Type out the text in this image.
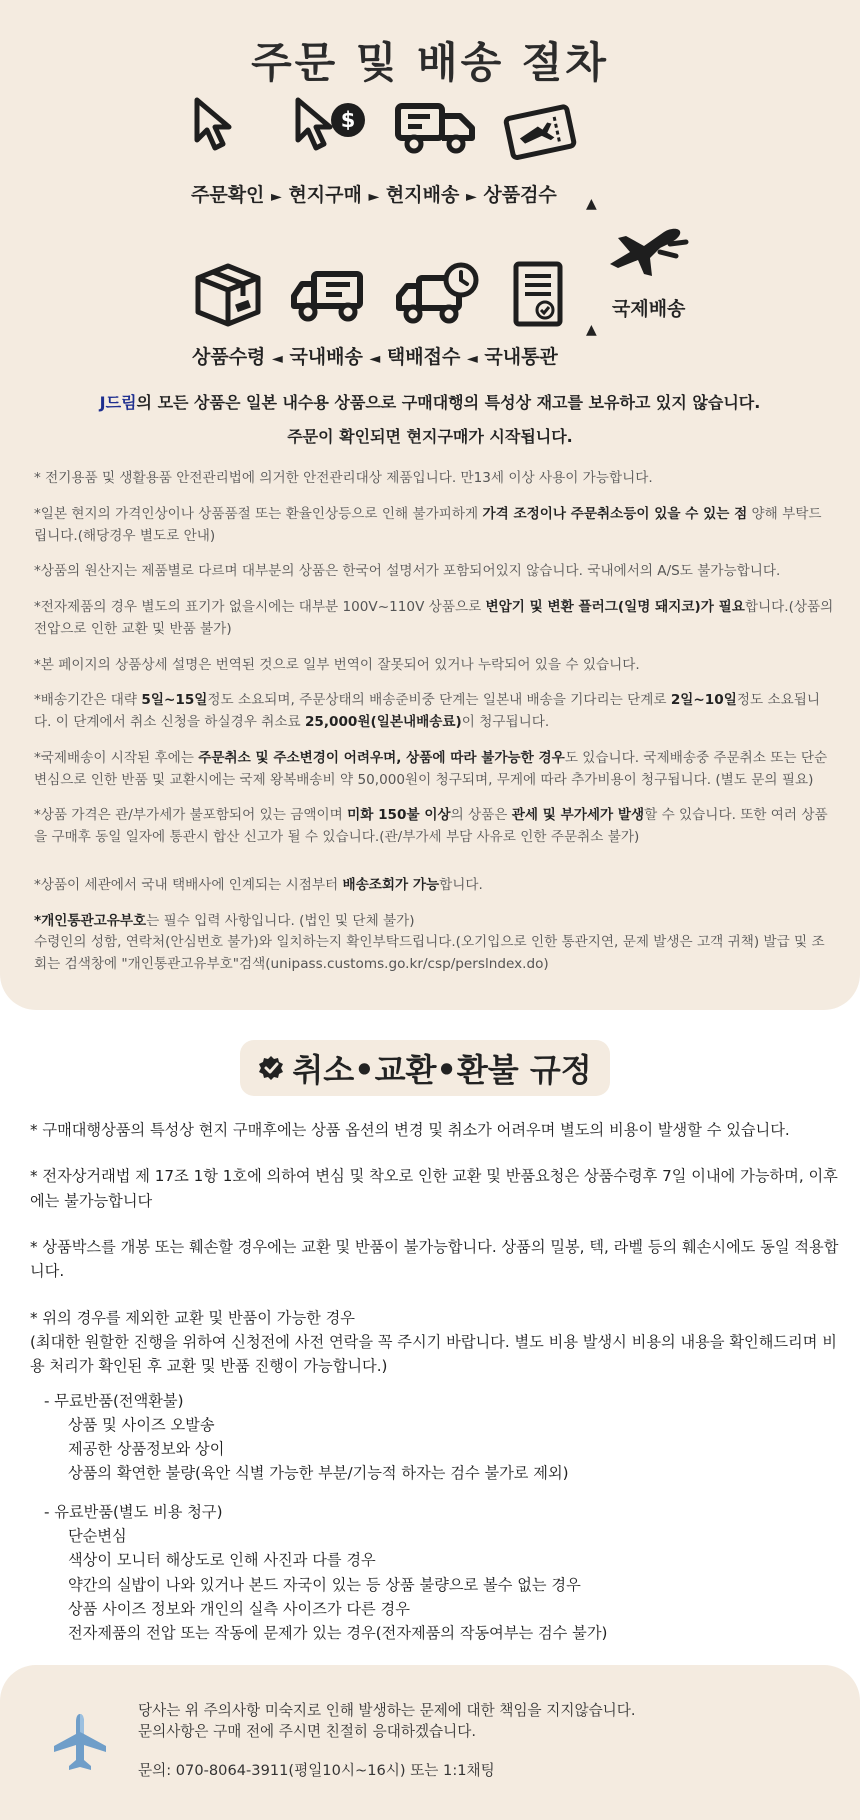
주문 및 배송 절차
$
주문확인 ► 현지구매 ► 현지배송 ► 상품검수 ▲
국제배송
▲
상품수령 ◄ 국내배송 ◄ 택배접수 ◄ 국내통관
J드림의 모든 상품은 일본 내수용 상품으로 구매대행의 특성상 재고를 보유하고 있지 않습니다.
주문이 확인되면 현지구매가 시작됩니다.
* 전기용품 및 생활용품 안전관리법에 의거한 안전관리대상 제품입니다. 만13세 이상 사용이 가능합니다.
*일본 현지의 가격인상이나 상품품절 또는 환율인상등으로 인해 불가피하게 가격 조정이나 주문취소등이 있을 수 있는 점 양해 부탁드립니다.(해당경우 별도로 안내)
*상품의 원산지는 제품별로 다르며 대부분의 상품은 한국어 설명서가 포함되어있지 않습니다. 국내에서의 A/S도 불가능합니다.
*전자제품의 경우 별도의 표기가 없을시에는 대부분 100V~110V 상품으로 변압기 및 변환 플러그(일명 돼지코)가 필요합니다.(상품의 전압으로 인한 교환 및 반품 불가)
*본 페이지의 상품상세 설명은 번역된 것으로 일부 번역이 잘못되어 있거나 누락되어 있을 수 있습니다.
*배송기간은 대략 5일~15일정도 소요되며, 주문상태의 배송준비중 단계는 일본내 배송을 기다리는 단계로 2일~10일정도 소요됩니다. 이 단계에서 취소 신청을 하실경우 취소료 25,000원(일본내배송료)이 청구됩니다.
*국제배송이 시작된 후에는 주문취소 및 주소변경이 어려우며, 상품에 따라 불가능한 경우도 있습니다. 국제배송중 주문취소 또는 단순변심으로 인한 반품 및 교환시에는 국제 왕복배송비 약 50,000원이 청구되며, 무게에 따라 추가비용이 청구됩니다. (별도 문의 필요)
*상품 가격은 관/부가세가 불포함되어 있는 금액이며 미화 150불 이상의 상품은 관세 및 부가세가 발생할 수 있습니다. 또한 여러 상품을 구매후 동일 일자에 통관시 합산 신고가 될 수 있습니다.(관/부가세 부담 사유로 인한 주문취소 불가)
*상품이 세관에서 국내 택배사에 인계되는 시점부터 배송조회가 가능합니다.
*개인통관고유부호는 필수 입력 사항입니다. (법인 및 단체 불가)
수령인의 성함, 연락처(안심번호 불가)와 일치하는지 확인부탁드립니다.(오기입으로 인한 통관지연, 문제 발생은 고객 귀책) 발급 및 조회는 검색창에 "개인통관고유부호"검색(unipass.customs.go.kr/csp/perslndex.do)
취소•교환•환불 규정
* 구매대행상품의 특성상 현지 구매후에는 상품 옵션의 변경 및 취소가 어려우며 별도의 비용이 발생할 수 있습니다.
* 전자상거래법 제 17조 1항 1호에 의하여 변심 및 착오로 인한 교환 및 반품요청은 상품수령후 7일 이내에 가능하며, 이후에는 불가능합니다
* 상품박스를 개봉 또는 훼손할 경우에는 교환 및 반품이 불가능합니다. 상품의 밀봉, 텍, 라벨 등의 훼손시에도 동일 적용합니다.
* 위의 경우를 제외한 교환 및 반품이 가능한 경우
(최대한 원할한 진행을 위하여 신청전에 사전 연락을 꼭 주시기 바랍니다. 별도 비용 발생시 비용의 내용을 확인해드리며 비용 처리가 확인된 후 교환 및 반품 진행이 가능합니다.)
- 무료반품(전액환불)
상품 및 사이즈 오발송
제공한 상품정보와 상이
상품의 확연한 불량(육안 식별 가능한 부분/기능적 하자는 검수 불가로 제외)
- 유료반품(별도 비용 청구)
단순변심
색상이 모니터 해상도로 인해 사진과 다를 경우
약간의 실밥이 나와 있거나 본드 자국이 있는 등 상품 불량으로 볼수 없는 경우
상품 사이즈 정보와 개인의 실측 사이즈가 다른 경우
전자제품의 전압 또는 작동에 문제가 있는 경우(전자제품의 작동여부는 검수 불가)
당사는 위 주의사항 미숙지로 인해 발생하는 문제에 대한 책임을 지지않습니다.
문의사항은 구매 전에 주시면 친절히 응대하겠습니다.
문의: 070-8064-3911(평일10시~16시) 또는 1:1채팅
